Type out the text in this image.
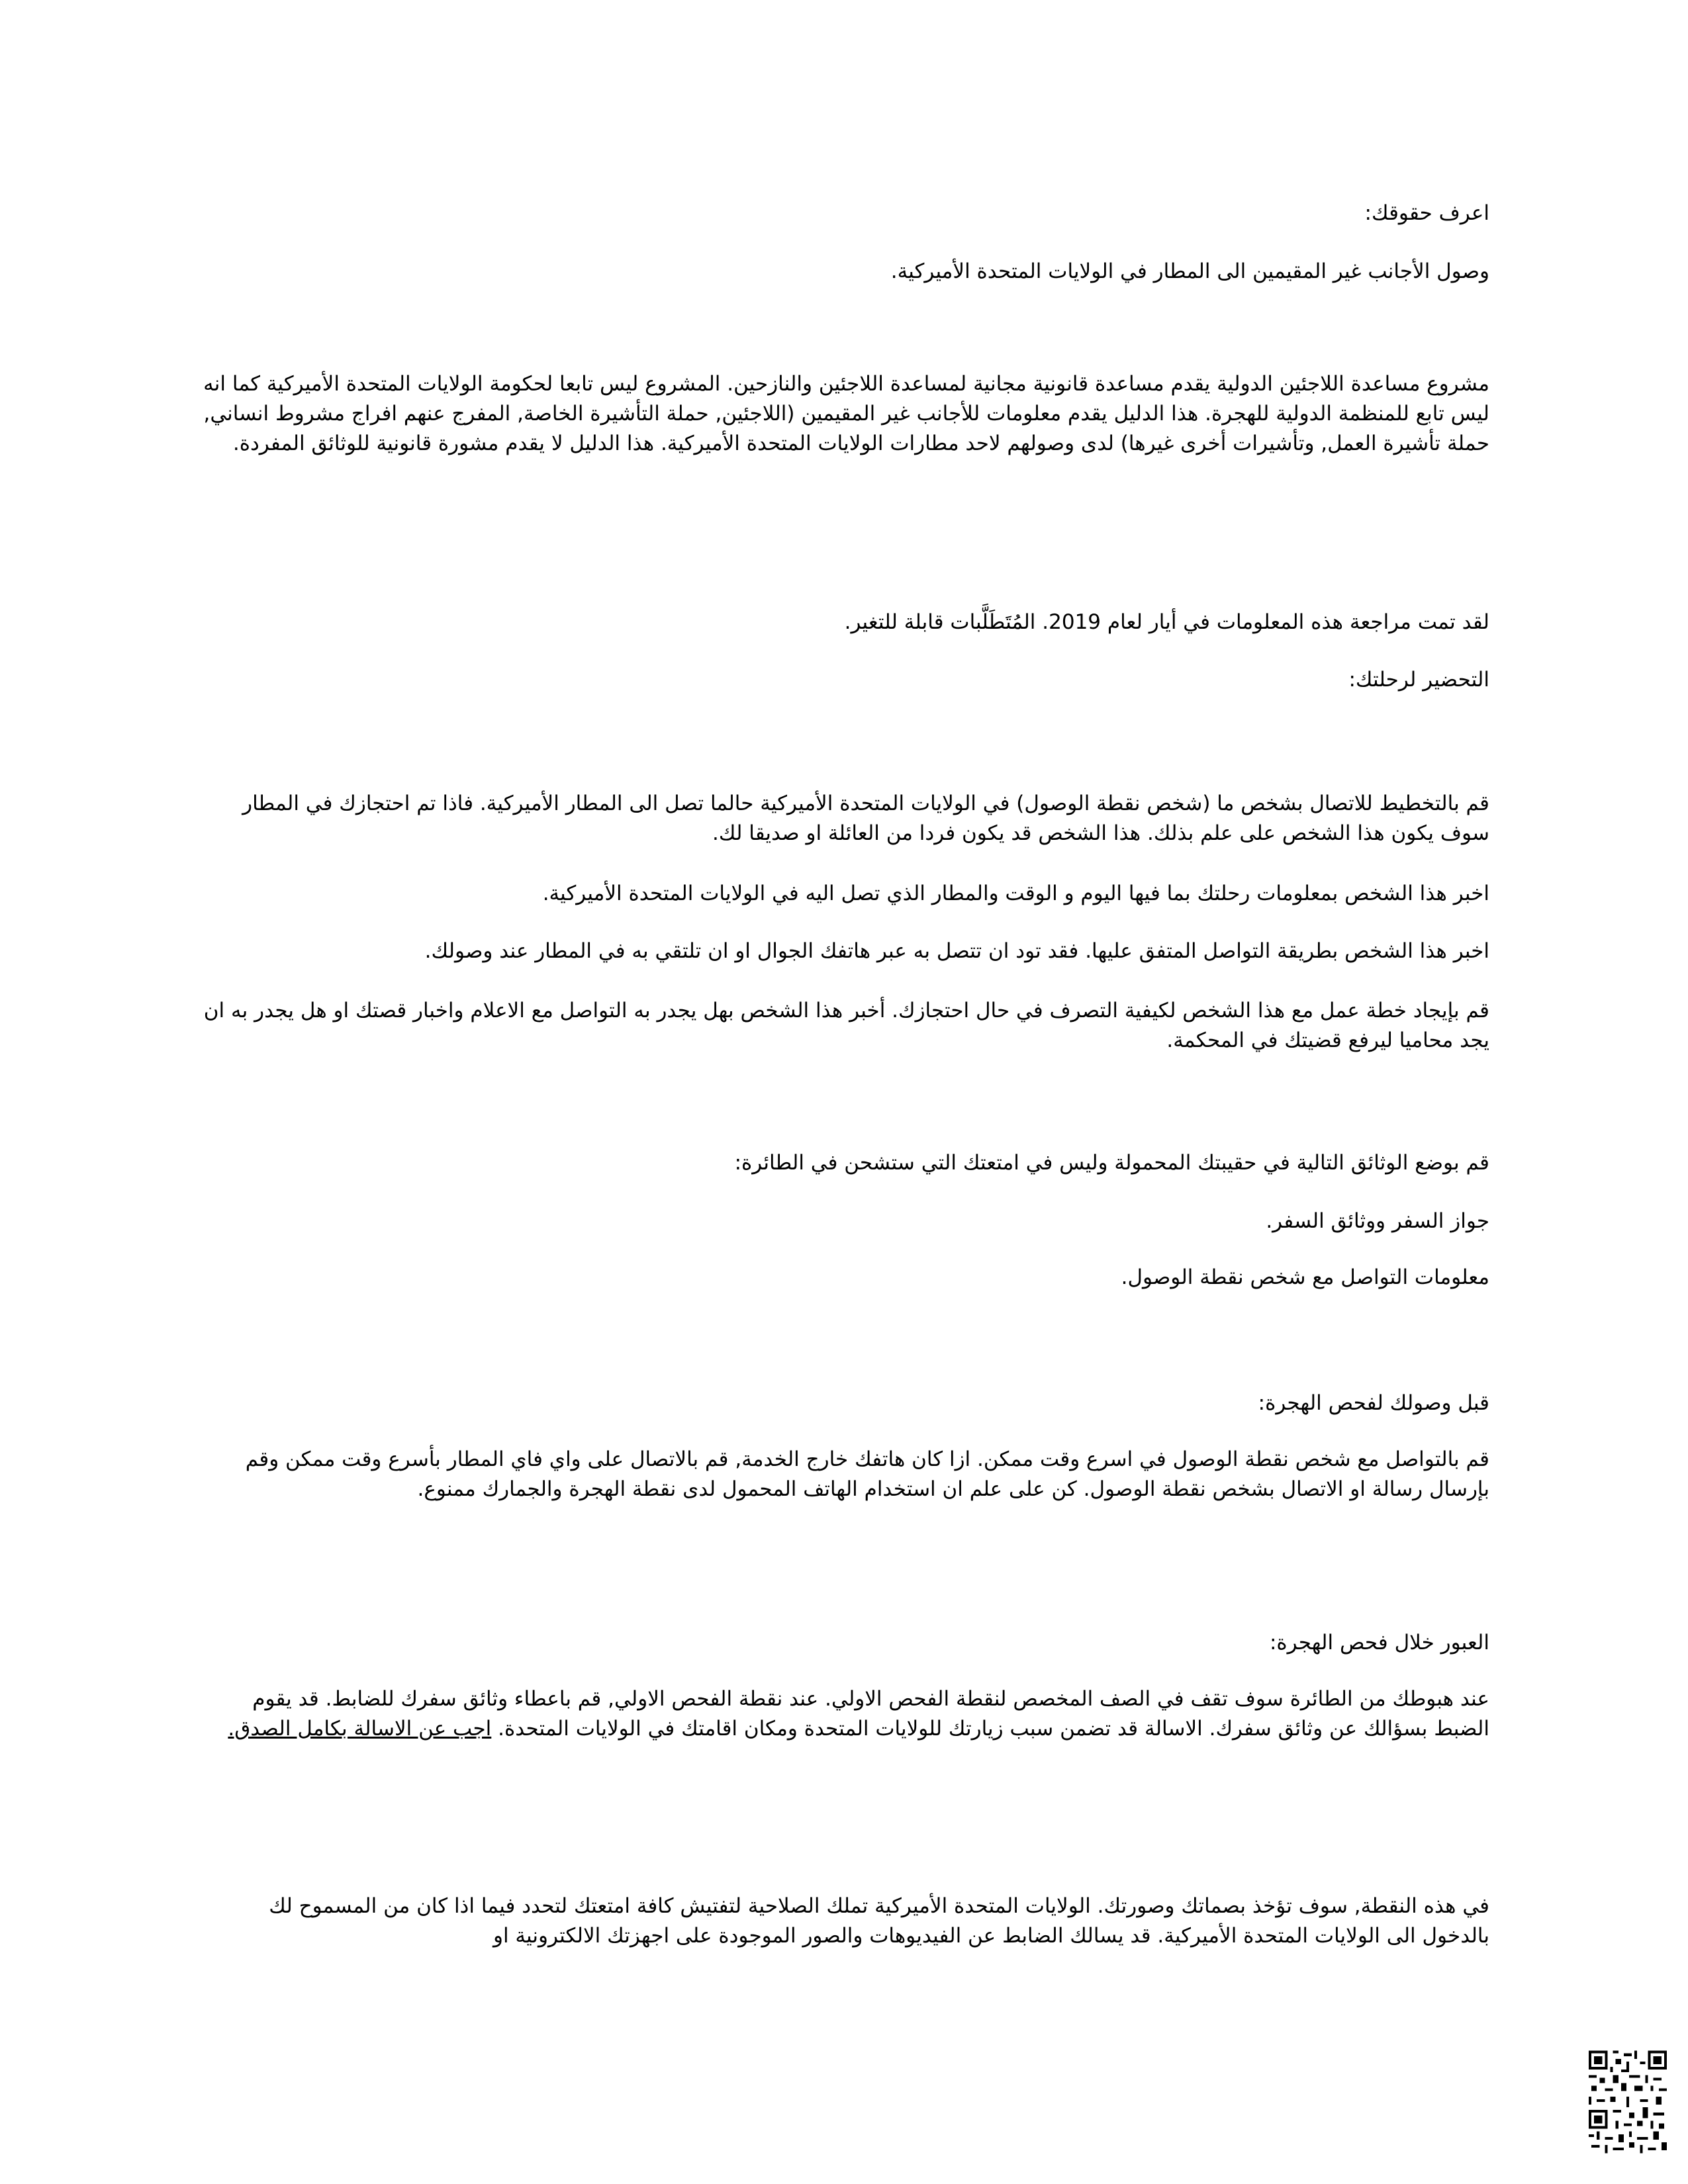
اعرف حقوقك:

وصول الأجانب غير المقيمين الى المطار في الولايات المتحدة الأميركية.

مشروع مساعدة اللاجئين الدولية يقدم مساعدة قانونية مجانية لمساعدة اللاجئين والنازحين. المشروع ليس تابعا لحكومة الولايات المتحدة الأميركية كما انه ليس تابع للمنظمة الدولية للهجرة. هذا الدليل يقدم معلومات للأجانب غير المقيمين (اللاجئين, حملة التأشيرة الخاصة, المفرج عنهم افراج مشروط انساني, حملة تأشيرة العمل, وتأشيرات أخرى غيرها) لدى وصولهم لاحد مطارات الولايات المتحدة الأميركية. هذا الدليل لا يقدم مشورة قانونية للوثائق المفردة.

لقد تمت مراجعة هذه المعلومات في أيار لعام 2019. المُتَطَلَّبات قابلة للتغير.

التحضير لرحلتك:

قم بالتخطيط للاتصال بشخص ما (شخص نقطة الوصول) في الولايات المتحدة الأميركية حالما تصل الى المطار الأميركية. فاذا تم احتجازك في المطار سوف يكون هذا الشخص على علم بذلك. هذا الشخص قد يكون فردا من العائلة او صديقا لك.

اخبر هذا الشخص بمعلومات رحلتك بما فيها اليوم و الوقت والمطار الذي تصل اليه في الولايات المتحدة الأميركية.

اخبر هذا الشخص بطريقة التواصل المتفق عليها. فقد تود ان تتصل به عبر هاتفك الجوال او ان تلتقي به في المطار عند وصولك.

قم بإيجاد خطة عمل مع هذا الشخص لكيفية التصرف في حال احتجازك. أخبر هذا الشخص بهل يجدر به التواصل مع الاعلام واخبار قصتك او هل يجدر به ان يجد محاميا ليرفع قضيتك في المحكمة.

قم بوضع الوثائق التالية في حقيبتك المحمولة وليس في امتعتك التي ستشحن في الطائرة:

جواز السفر ووثائق السفر.

معلومات التواصل مع شخص نقطة الوصول.

قبل وصولك لفحص الهجرة:

قم بالتواصل مع شخص نقطة الوصول في اسرع وقت ممكن. ازا كان هاتفك خارج الخدمة, قم بالاتصال على واي فاي المطار بأسرع وقت ممكن وقم بإرسال رسالة او الاتصال بشخص نقطة الوصول. كن على علم ان استخدام الهاتف المحمول لدى نقطة الهجرة والجمارك ممنوع.

العبور خلال فحص الهجرة:

عند هبوطك من الطائرة سوف تقف في الصف المخصص لنقطة الفحص الاولي. عند نقطة الفحص الاولي, قم باعطاء وثائق سفرك للضابط. قد يقوم الضبط بسؤالك عن وثائق سفرك. الاسالة قد تضمن سبب زيارتك للولايات المتحدة ومكان اقامتك في الولايات المتحدة. اجب عن الاسالة بكامل الصدق.

في هذه النقطة, سوف تؤخذ بصماتك وصورتك. الولايات المتحدة الأميركية تملك الصلاحية لتفتيش كافة امتعتك لتحدد فيما اذا كان من المسموح لك بالدخول الى الولايات المتحدة الأميركية. قد يسالك الضابط عن الفيديوهات والصور الموجودة على اجهزتك الالكترونية او
